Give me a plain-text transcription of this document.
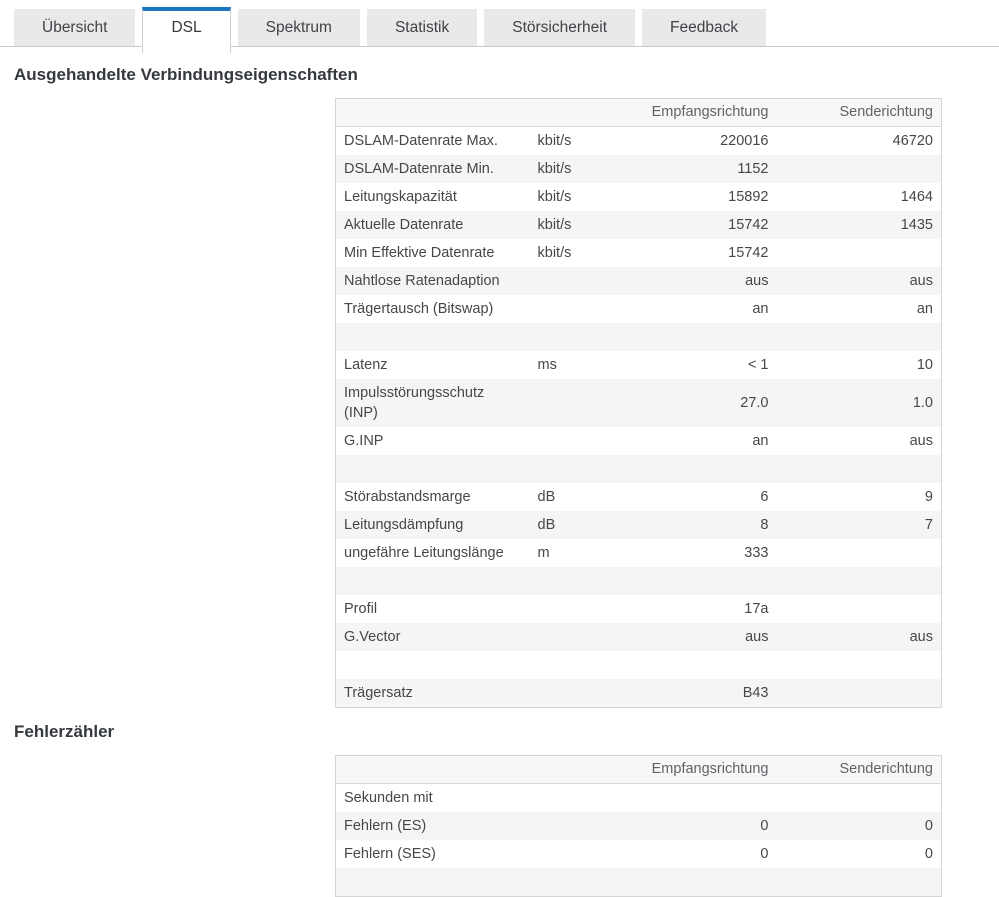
Übersicht	DSL	Spektrum	Statistik	Störsicherheit	Feedback
Ausgehandelte Verbindungseigenschaften
		Empfangsrichtung	Senderichtung
DSLAM-Datenrate Max.	kbit/s	220016	46720
DSLAM-Datenrate Min.	kbit/s	1152	
Leitungskapazität	kbit/s	15892	1464
Aktuelle Datenrate	kbit/s	15742	1435
Min Effektive Datenrate	kbit/s	15742	
Nahtlose Ratenadaption		aus	aus
Trägertausch (Bitswap)		an	an

Latenz	ms	< 1	10
Impulsstörungsschutz (INP)		27.0	1.0
G.INP		an	aus

Störabstandsmarge	dB	6	9
Leitungsdämpfung	dB	8	7
ungefähre Leitungslänge	m	333	

Profil		17a	
G.Vector		aus	aus

Trägersatz		B43	
Fehlerzähler
		Empfangsrichtung	Senderichtung
Sekunden mit			
Fehlern (ES)		0	0
Fehlern (SES)		0	0
